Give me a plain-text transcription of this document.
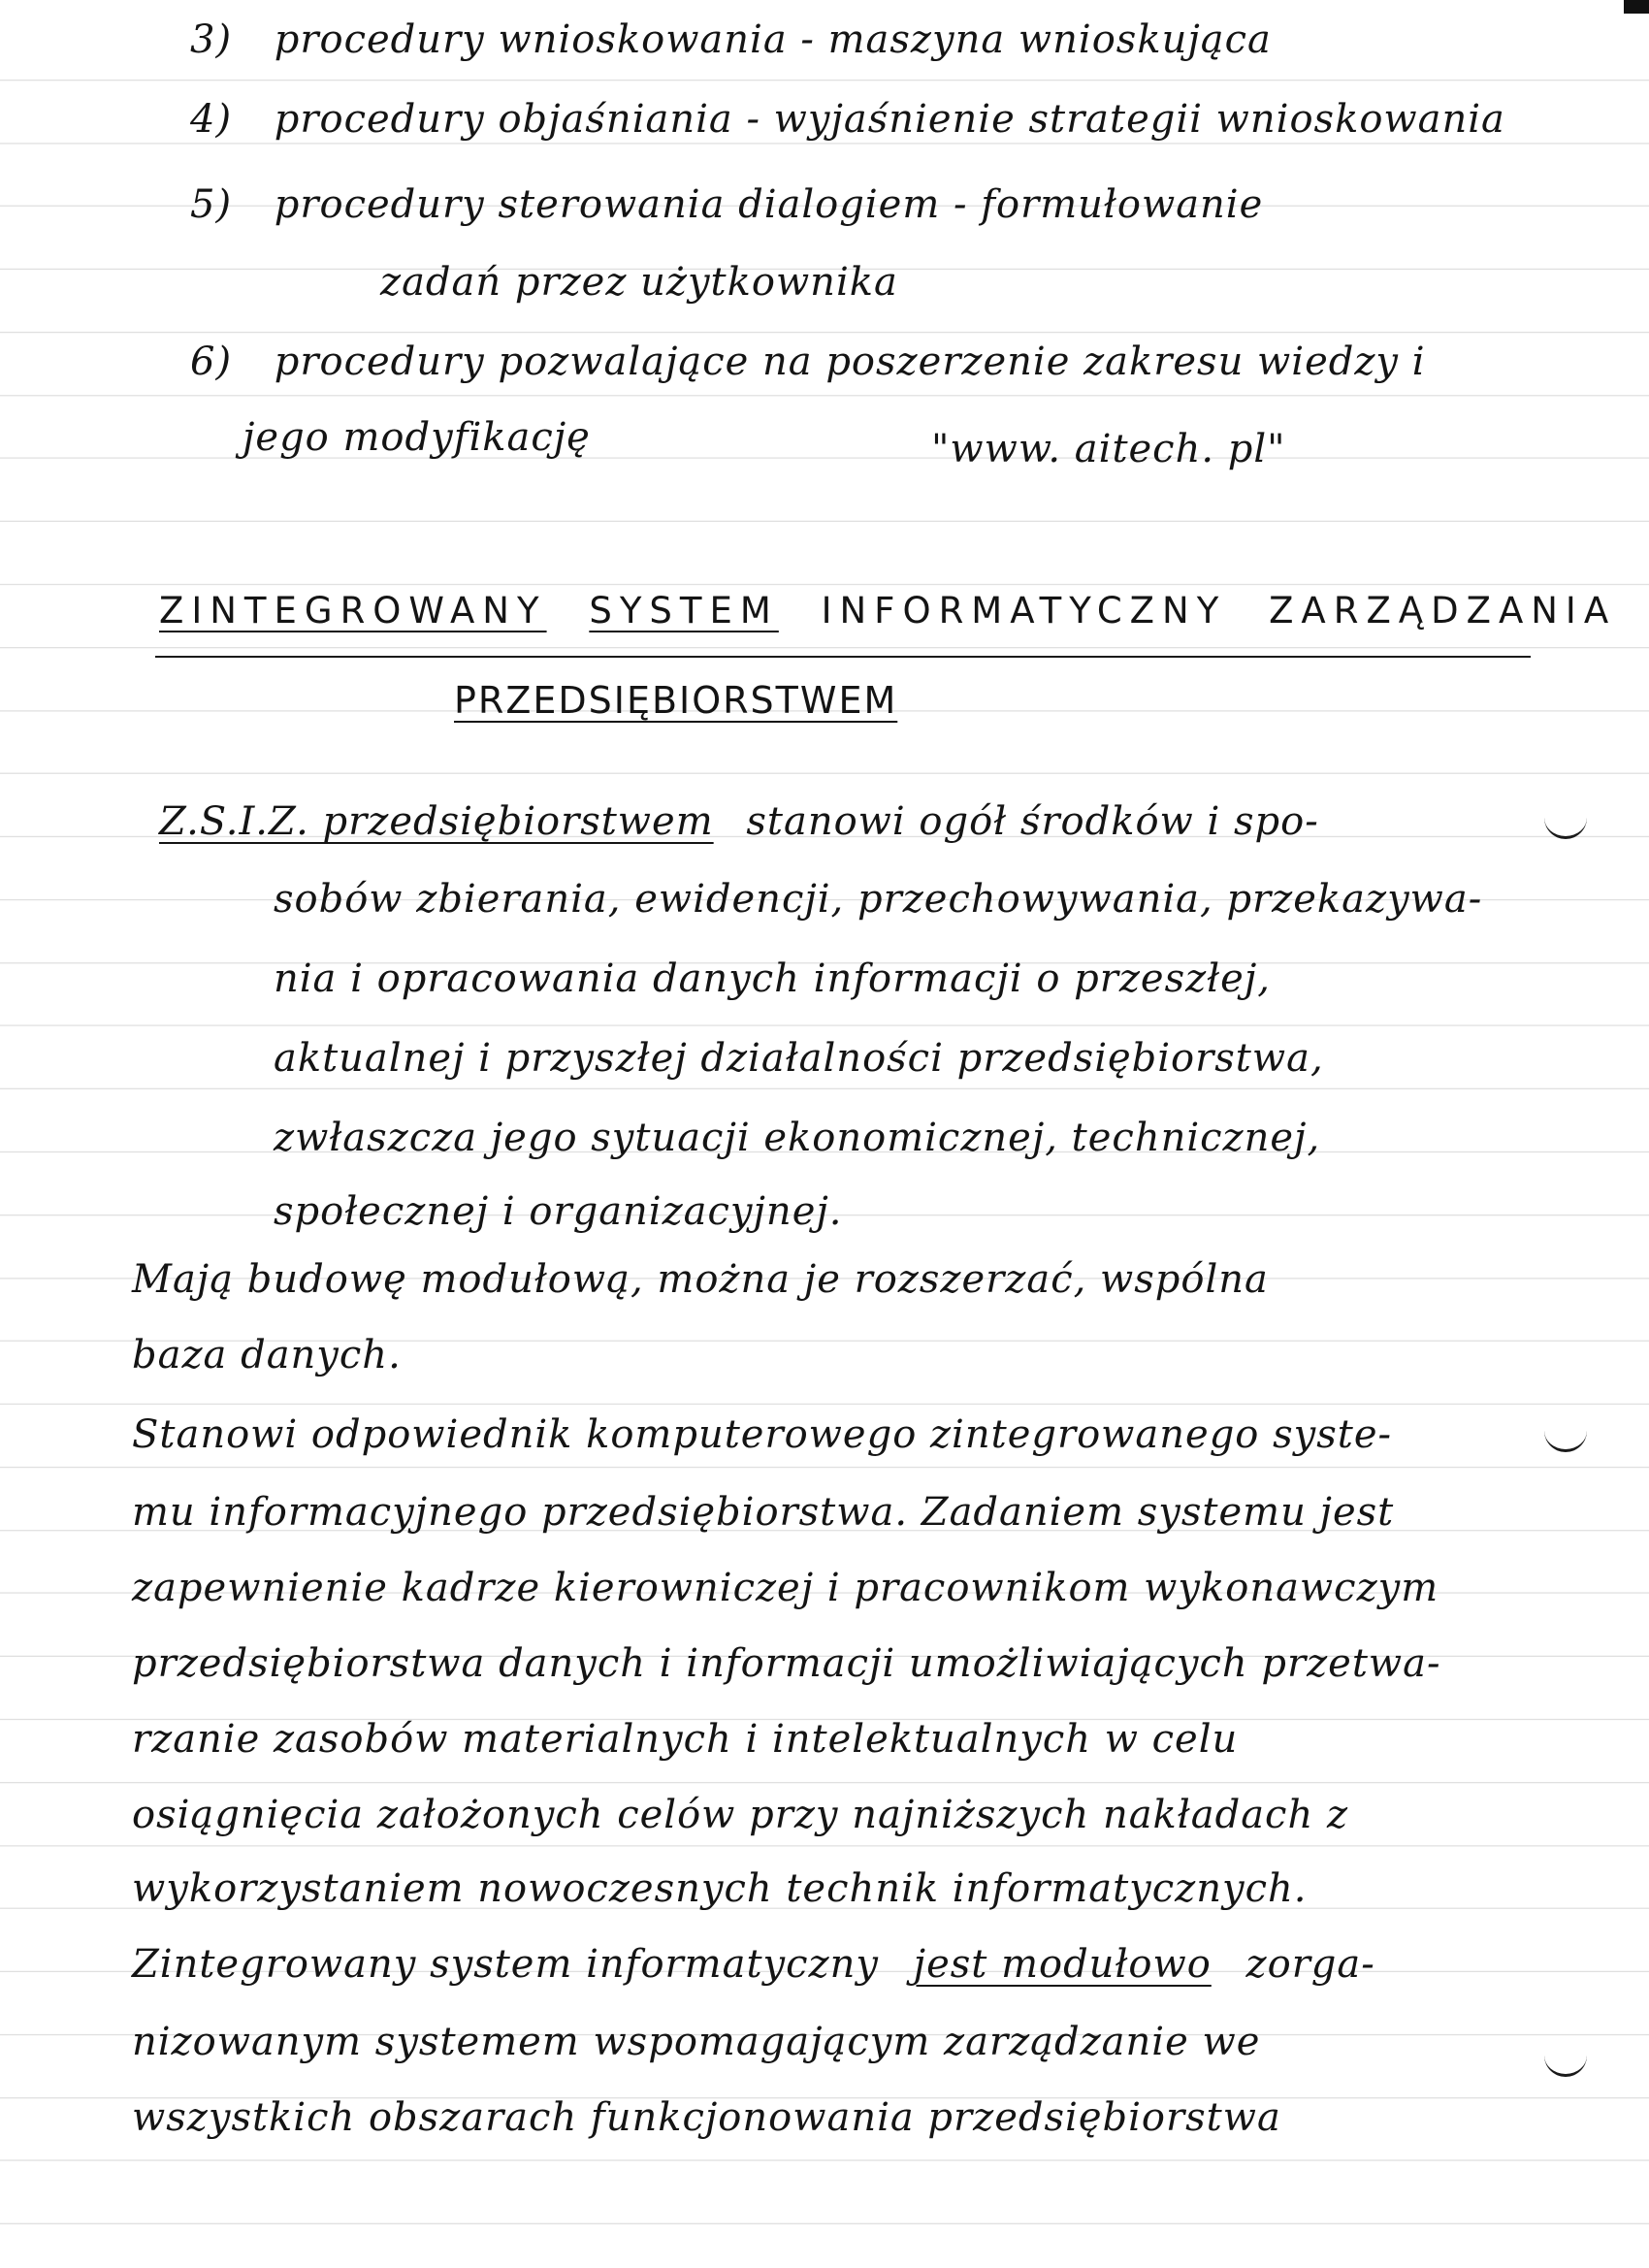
3) procedury wnioskowania - maszyna wnioskująca
4) procedury objaśniania - wyjaśnienie strategii wnioskowania
5) procedury sterowania dialogiem - formułowanie
zadań przez użytkownika
6) procedury pozwalające na poszerzenie zakresu wiedzy i
jego modyfikację	"www. aitech. pl"
ZINTEGROWANY SYSTEM INFORMATYCZNY ZARZĄDZANIA
PRZEDSIĘBIORSTWEM
Z.S.I.Z. przedsiębiorstwem stanowi ogół środków i spo-
sobów zbierania, ewidencji, przechowywania, przekazywa-
nia i opracowania danych informacji o przeszłej,
aktualnej i przyszłej działalności przedsiębiorstwa,
zwłaszcza jego sytuacji ekonomicznej, technicznej,
społecznej i organizacyjnej.
Mają budowę modułową, można je rozszerzać, wspólna
baza danych.
Stanowi odpowiednik komputerowego zintegrowanego syste-
mu informacyjnego przedsiębiorstwa. Zadaniem systemu jest
zapewnienie kadrze kierowniczej i pracownikom wykonawczym
przedsiębiorstwa danych i informacji umożliwiających przetwa-
rzanie zasobów materialnych i intelektualnych w celu
osiągnięcia założonych celów przy najniższych nakładach z
wykorzystaniem nowoczesnych technik informatycznych.
Zintegrowany system informatyczny jest modułowo zorga-
nizowanym systemem wspomagającym zarządzanie we
wszystkich obszarach funkcjonowania przedsiębiorstwa
